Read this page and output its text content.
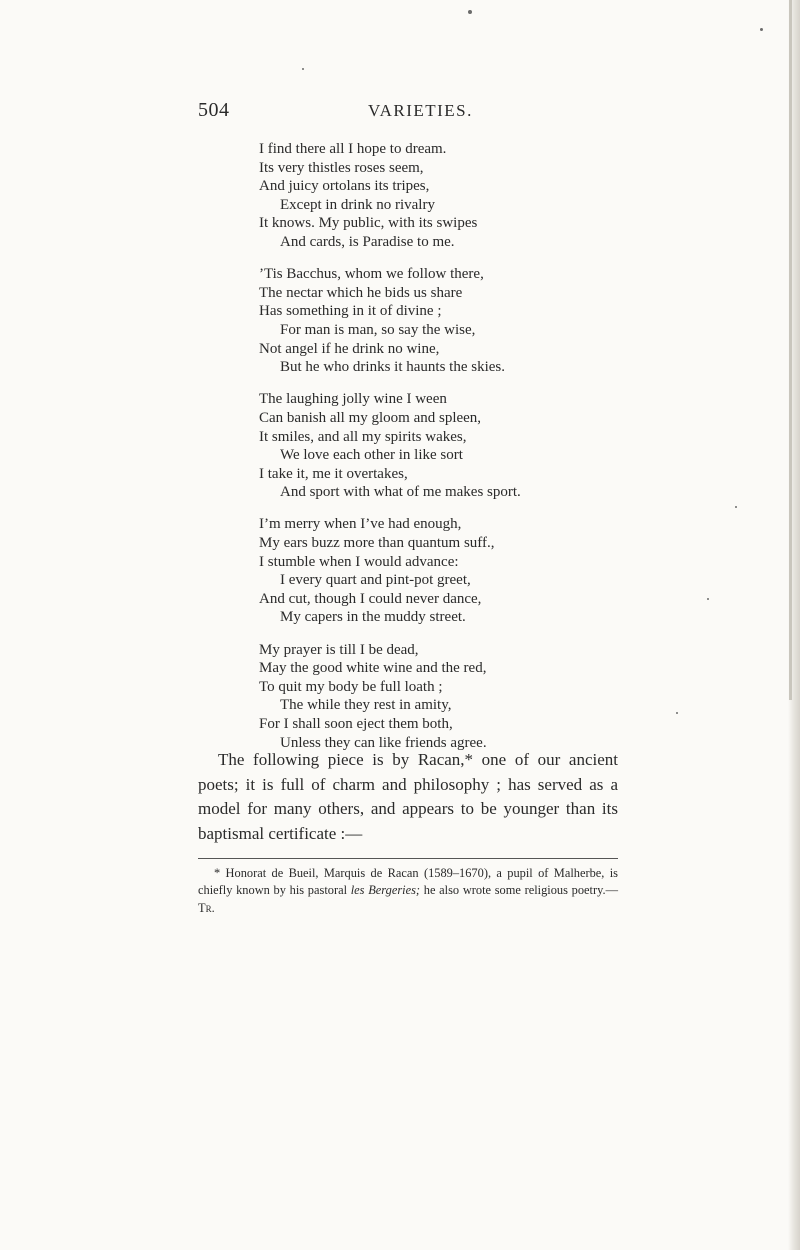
504	VARIETIES.
I find there all I hope to dream.
Its very thistles roses seem,
And juicy ortolans its tripes,
Except in drink no rivalry
It knows. My public, with its swipes
And cards, is Paradise to me.
’Tis Bacchus, whom we follow there,
The nectar which he bids us share
Has something in it of divine ;
For man is man, so say the wise,
Not angel if he drink no wine,
But he who drinks it haunts the skies.
The laughing jolly wine I ween
Can banish all my gloom and spleen,
It smiles, and all my spirits wakes,
We love each other in like sort
I take it, me it overtakes,
And sport with what of me makes sport.
I’m merry when I’ve had enough,
My ears buzz more than quantum suff.,
I stumble when I would advance:
I every quart and pint-pot greet,
And cut, though I could never dance,
My capers in the muddy street.
My prayer is till I be dead,
May the good white wine and the red,
To quit my body be full loath ;
The while they rest in amity,
For I shall soon eject them both,
Unless they can like friends agree.

The following piece is by Racan,* one of our ancient poets; it is full of charm and philosophy ; has served as a model for many others, and appears to be younger than its baptismal certificate :—

* Honorat de Bueil, Marquis de Racan (1589–1670), a pupil of Malherbe, is chiefly known by his pastoral les Bergeries; he also wrote some religious poetry.—Tr.
